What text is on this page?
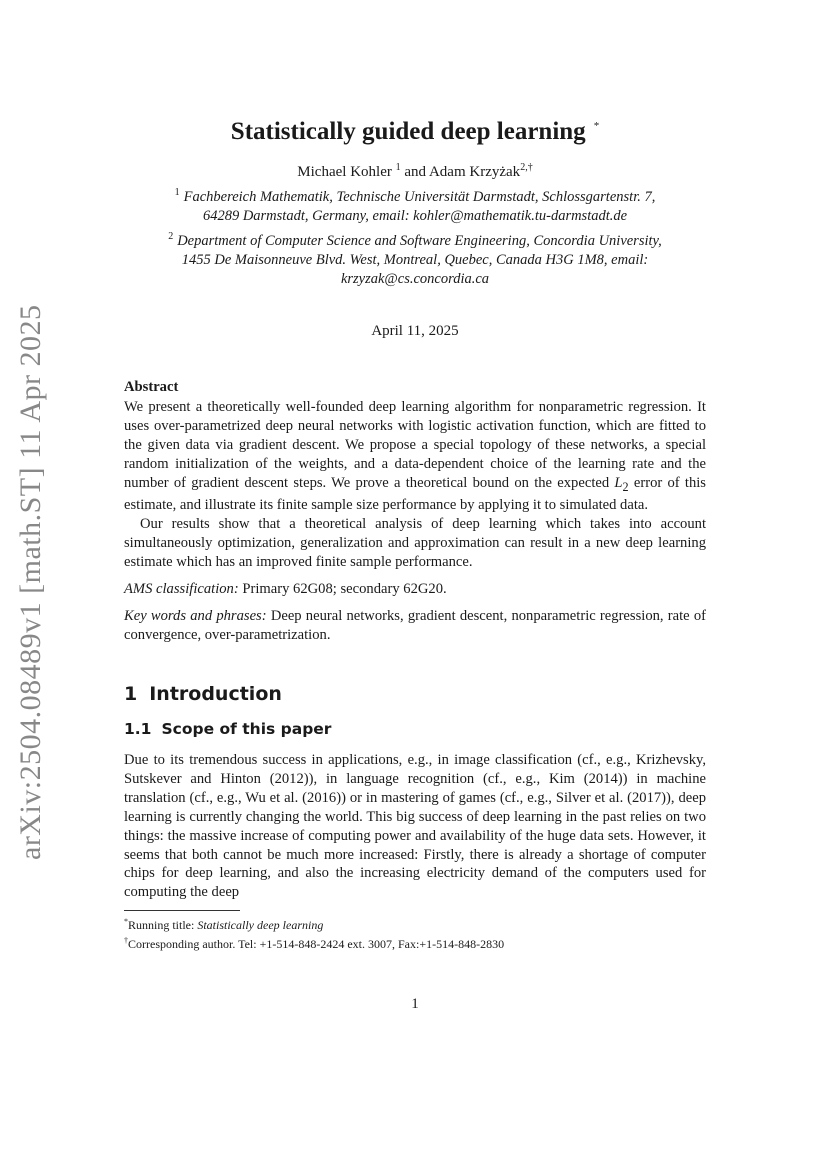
arXiv:2504.08489v1 [math.ST] 11 Apr 2025
Statistically guided deep learning *
Michael Kohler $^1$ and Adam Krzyżak$^{2,\dagger}$
$^1$ Fachbereich Mathematik, Technische Universität Darmstadt, Schlossgartenstr. 7,
64289 Darmstadt, Germany, email: kohler@mathematik.tu-darmstadt.de
$^2$ Department of Computer Science and Software Engineering, Concordia University,
1455 De Maisonneuve Blvd. West, Montreal, Quebec, Canada H3G 1M8, email:
krzyzak@cs.concordia.ca
April 11, 2025
Abstract

We present a theoretically well-founded deep learning algorithm for nonparametric regression. It uses over-parametrized deep neural networks with logistic activation function, which are fitted to the given data via gradient descent. We propose a special topology of these networks, a special random initialization of the weights, and a data-dependent choice of the learning rate and the number of gradient descent steps. We prove a theoretical bound on the expected $L_2$ error of this estimate, and illustrate its finite sample size performance by applying it to simulated data.

Our results show that a theoretical analysis of deep learning which takes into account simultaneously optimization, generalization and approximation can result in a new deep learning estimate which has an improved finite sample performance.

AMS classification: Primary 62G08; secondary 62G20.
Key words and phrases: Deep neural networks, gradient descent, nonparametric regression, rate of convergence, over-parametrization.
1 Introduction
1.1 Scope of this paper

Due to its tremendous success in applications, e.g., in image classification (cf., e.g., Krizhevsky, Sutskever and Hinton (2012)), in language recognition (cf., e.g., Kim (2014)) in machine translation (cf., e.g., Wu et al. (2016)) or in mastering of games (cf., e.g., Silver et al. (2017)), deep learning is currently changing the world. This big success of deep learning in the past relies on two things: the massive increase of computing power and availability of the huge data sets. However, it seems that both cannot be much more increased: Firstly, there is already a shortage of computer chips for deep learning, and also the increasing electricity demand of the computers used for computing the deep

*Running title: Statistically deep learning
†Corresponding author. Tel: +1-514-848-2424 ext. 3007, Fax:+1-514-848-2830
1
